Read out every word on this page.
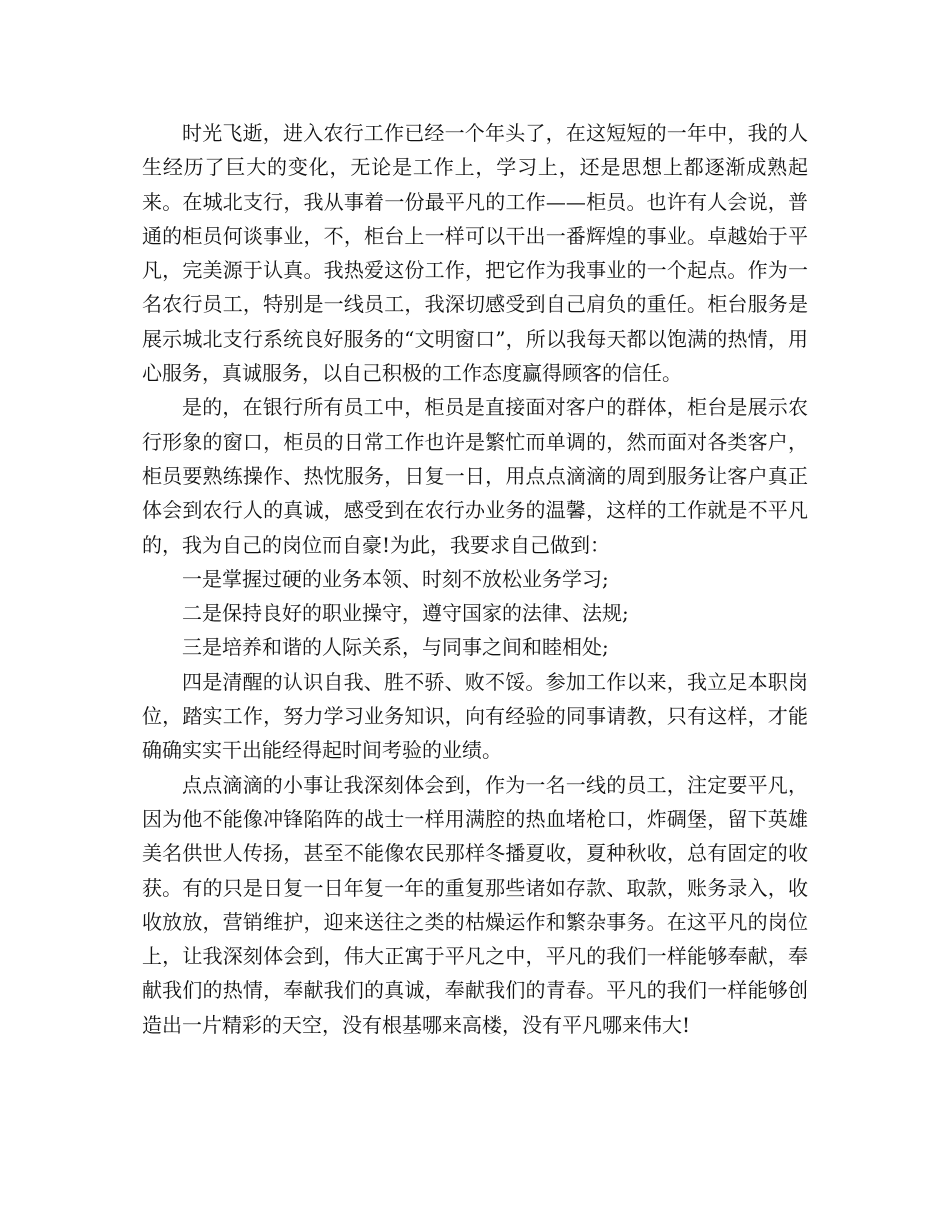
时光飞逝，进入农行工作已经一个年头了，在这短短的一年中，我的人生经历了巨大的变化，无论是工作上，学习上，还是思想上都逐渐成熟起来。在城北支行，我从事着一份最平凡的工作——柜员。也许有人会说，普通的柜员何谈事业，不，柜台上一样可以干出一番辉煌的事业。卓越始于平凡，完美源于认真。我热爱这份工作，把它作为我事业的一个起点。作为一名农行员工，特别是一线员工，我深切感受到自己肩负的重任。柜台服务是展示城北支行系统良好服务的“文明窗口”，所以我每天都以饱满的热情，用心服务，真诚服务，以自己积极的工作态度赢得顾客的信任。

是的，在银行所有员工中，柜员是直接面对客户的群体，柜台是展示农行形象的窗口，柜员的日常工作也许是繁忙而单调的，然而面对各类客户，柜员要熟练操作、热忱服务，日复一日，用点点滴滴的周到服务让客户真正体会到农行人的真诚，感受到在农行办业务的温馨，这样的工作就是不平凡的，我为自己的岗位而自豪!为此，我要求自己做到：

一是掌握过硬的业务本领、时刻不放松业务学习;

二是保持良好的职业操守，遵守国家的法律、法规;

三是培养和谐的人际关系，与同事之间和睦相处;

四是清醒的认识自我、胜不骄、败不馁。参加工作以来，我立足本职岗位，踏实工作，努力学习业务知识，向有经验的同事请教，只有这样，才能确确实实干出能经得起时间考验的业绩。

点点滴滴的小事让我深刻体会到，作为一名一线的员工，注定要平凡，因为他不能像冲锋陷阵的战士一样用满腔的热血堵枪口，炸碉堡，留下英雄美名供世人传扬，甚至不能像农民那样冬播夏收，夏种秋收，总有固定的收获。有的只是日复一日年复一年的重复那些诸如存款、取款，账务录入，收收放放，营销维护，迎来送往之类的枯燥运作和繁杂事务。在这平凡的岗位上，让我深刻体会到，伟大正寓于平凡之中，平凡的我们一样能够奉献，奉献我们的热情，奉献我们的真诚，奉献我们的青春。平凡的我们一样能够创造出一片精彩的天空，没有根基哪来高楼，没有平凡哪来伟大!
